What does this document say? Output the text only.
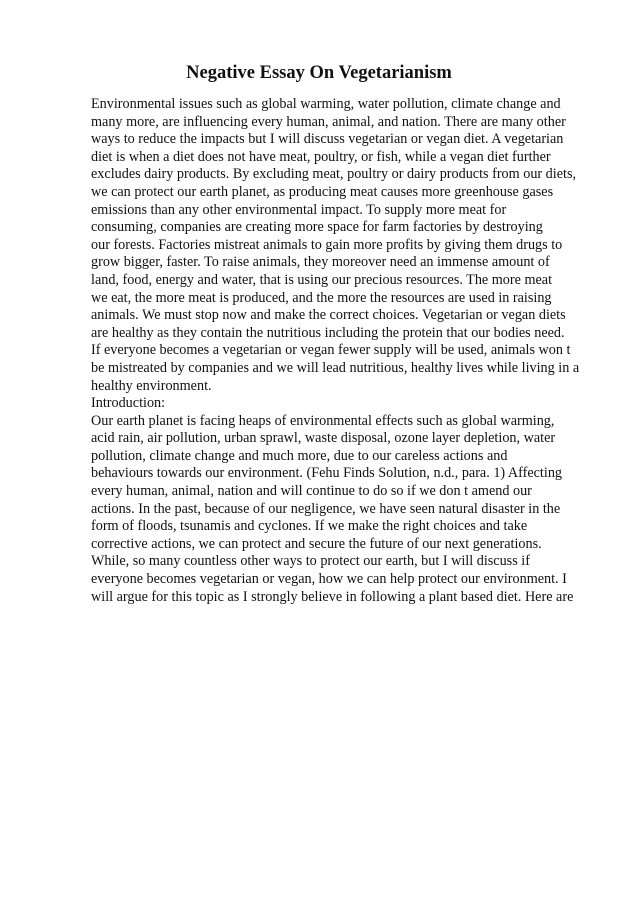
Negative Essay On Vegetarianism
Environmental issues such as global warming, water pollution, climate change and
many more, are influencing every human, animal, and nation. There are many other
ways to reduce the impacts but I will discuss vegetarian or vegan diet. A vegetarian
diet is when a diet does not have meat, poultry, or fish, while a vegan diet further
excludes dairy products. By excluding meat, poultry or dairy products from our diets,
we can protect our earth planet, as producing meat causes more greenhouse gases
emissions than any other environmental impact. To supply more meat for
consuming, companies are creating more space for farm factories by destroying
our forests. Factories mistreat animals to gain more profits by giving them drugs to
grow bigger, faster. To raise animals, they moreover need an immense amount of
land, food, energy and water, that is using our precious resources. The more meat
we eat, the more meat is produced, and the more the resources are used in raising
animals. We must stop now and make the correct choices. Vegetarian or vegan diets
are healthy as they contain the nutritious including the protein that our bodies need.
If everyone becomes a vegetarian or vegan fewer supply will be used, animals won t
be mistreated by companies and we will lead nutritious, healthy lives while living in a
healthy environment.
Introduction:
Our earth planet is facing heaps of environmental effects such as global warming,
acid rain, air pollution, urban sprawl, waste disposal, ozone layer depletion, water
pollution, climate change and much more, due to our careless actions and
behaviours towards our environment. (Fehu Finds Solution, n.d., para. 1) Affecting
every human, animal, nation and will continue to do so if we don t amend our
actions. In the past, because of our negligence, we have seen natural disaster in the
form of floods, tsunamis and cyclones. If we make the right choices and take
corrective actions, we can protect and secure the future of our next generations.
While, so many countless other ways to protect our earth, but I will discuss if
everyone becomes vegetarian or vegan, how we can help protect our environment. I
will argue for this topic as I strongly believe in following a plant based diet. Here are
